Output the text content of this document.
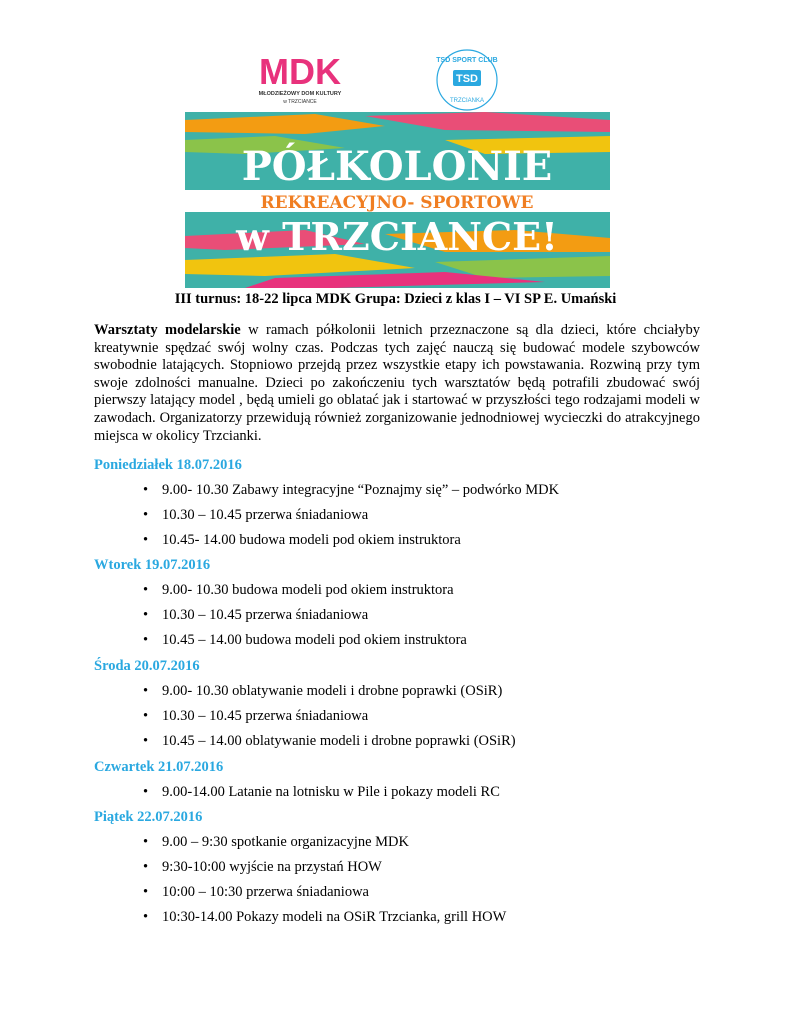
MDK
MŁODZIEŻOWY DOM KULTURY
w TRZCIANCE
TSD SPORT CLUB
TSD
TRZCIANKA
PÓŁKOLONIE
REKREACYJNO- SPORTOWE
w TRZCIANCE!
III turnus: 18-22 lipca MDK Grupa: Dzieci z klas I – VI SP E. Umański
Warsztaty modelarskie w ramach półkolonii letnich przeznaczone są dla dzieci, które chciałyby kreatywnie spędzać swój wolny czas. Podczas tych zajęć nauczą się budować modele szybowców swobodnie latających. Stopniowo przejdą przez wszystkie etapy ich powstawania. Rozwiną przy tym swoje zdolności manualne. Dzieci po zakończeniu tych warsztatów będą potrafili zbudować swój pierwszy latający model , będą umieli go oblatać jak i startować w przyszłości tego rodzajami modeli w zawodach. Organizatorzy przewidują również zorganizowanie jednodniowej wycieczki do atrakcyjnego miejsca w okolicy Trzcianki.
Poniedziałek 18.07.2016
• 9.00- 10.30 Zabawy integracyjne “Poznajmy się” – podwórko MDK
• 10.30 – 10.45 przerwa śniadaniowa
• 10.45- 14.00 budowa modeli pod okiem instruktora
Wtorek 19.07.2016
• 9.00- 10.30 budowa modeli pod okiem instruktora
• 10.30 – 10.45 przerwa śniadaniowa
• 10.45 – 14.00 budowa modeli pod okiem instruktora
Środa 20.07.2016
• 9.00- 10.30 oblatywanie modeli i drobne poprawki (OSiR)
• 10.30 – 10.45 przerwa śniadaniowa
• 10.45 – 14.00 oblatywanie modeli i drobne poprawki (OSiR)
Czwartek 21.07.2016
• 9.00-14.00 Latanie na lotnisku w Pile i pokazy modeli RC
Piątek 22.07.2016
• 9.00 – 9:30 spotkanie organizacyjne MDK
• 9:30-10:00 wyjście na przystań HOW
• 10:00 – 10:30 przerwa śniadaniowa
• 10:30-14.00 Pokazy modeli na OSiR Trzcianka, grill HOW
